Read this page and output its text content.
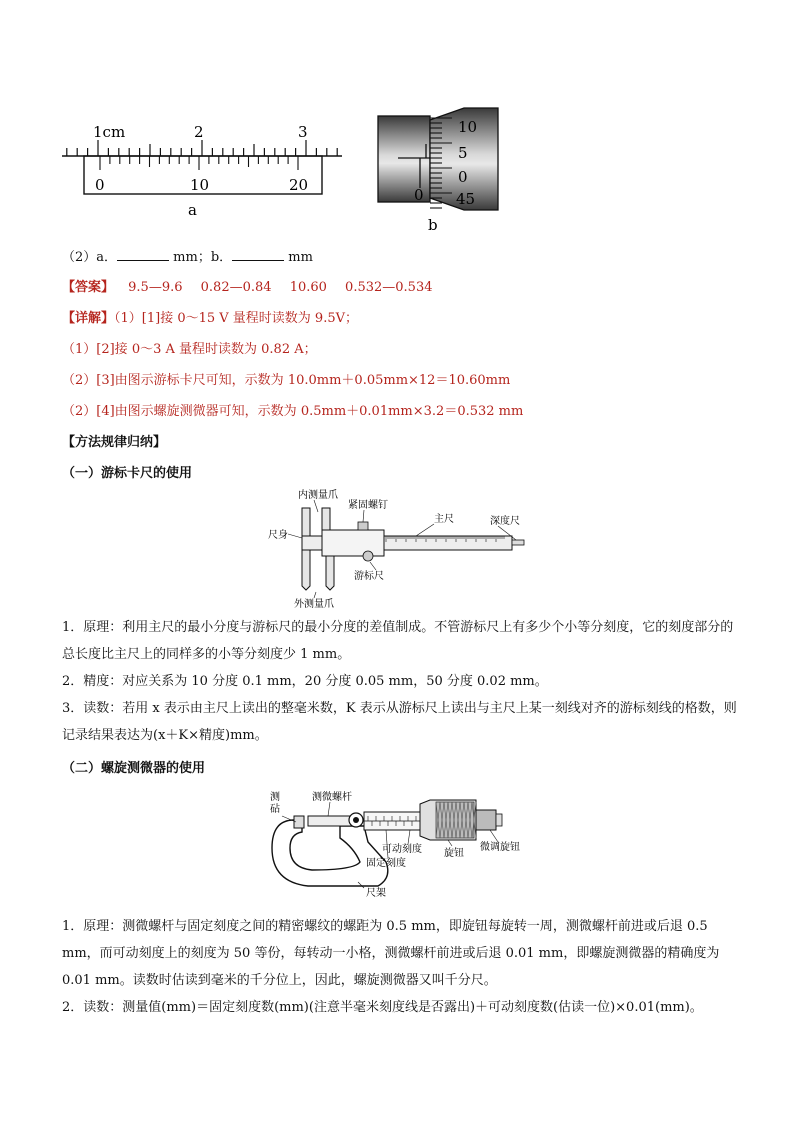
1cm	2	3
0	10	20
a
10
5
0
45
0
b
（2）a．	mm；b．	mm
【答案】 9.5—9.6 0.82—0.84 10.60 0.532—0.534
【详解】（1）[1]接 0～15 V 量程时读数为 9.5V；
（1）[2]接 0～3 A 量程时读数为 0.82 A；
（2）[3]由图示游标卡尺可知，示数为 10.0mm＋0.05mm×12＝10.60mm
（2）[4]由图示螺旋测微器可知，示数为 0.5mm＋0.01mm×3.2＝0.532 mm
【方法规律归纳】
（一）游标卡尺的使用
内测量爪
紧固螺钉
主尺	深度尺
尺身
游标尺
外测量爪
1．原理：利用主尺的最小分度与游标尺的最小分度的差值制成。不管游标尺上有多少个小等分刻度，它的刻度部分的总长度比主尺上的同样多的小等分刻度少 1 mm。
2．精度：对应关系为 10 分度 0.1 mm，20 分度 0.05 mm，50 分度 0.02 mm。
3．读数：若用 x 表示由主尺上读出的整毫米数，K 表示从游标尺上读出与主尺上某一刻线对齐的游标刻线的格数，则记录结果表达为(x＋K×精度)mm。
（二）螺旋测微器的使用
测
砧
测微螺杆
可动刻度 旋钮
微调旋钮
固定刻度
尺架
1．原理：测微螺杆与固定刻度之间的精密螺纹的螺距为 0.5 mm，即旋钮每旋转一周，测微螺杆前进或后退 0.5 mm，而可动刻度上的刻度为 50 等份，每转动一小格，测微螺杆前进或后退 0.01 mm，即螺旋测微器的精确度为 0.01 mm。读数时估读到毫米的千分位上，因此，螺旋测微器又叫千分尺。
2．读数：测量值(mm)＝固定刻度数(mm)(注意半毫米刻度线是否露出)＋可动刻度数(估读一位)×0.01(mm)。
